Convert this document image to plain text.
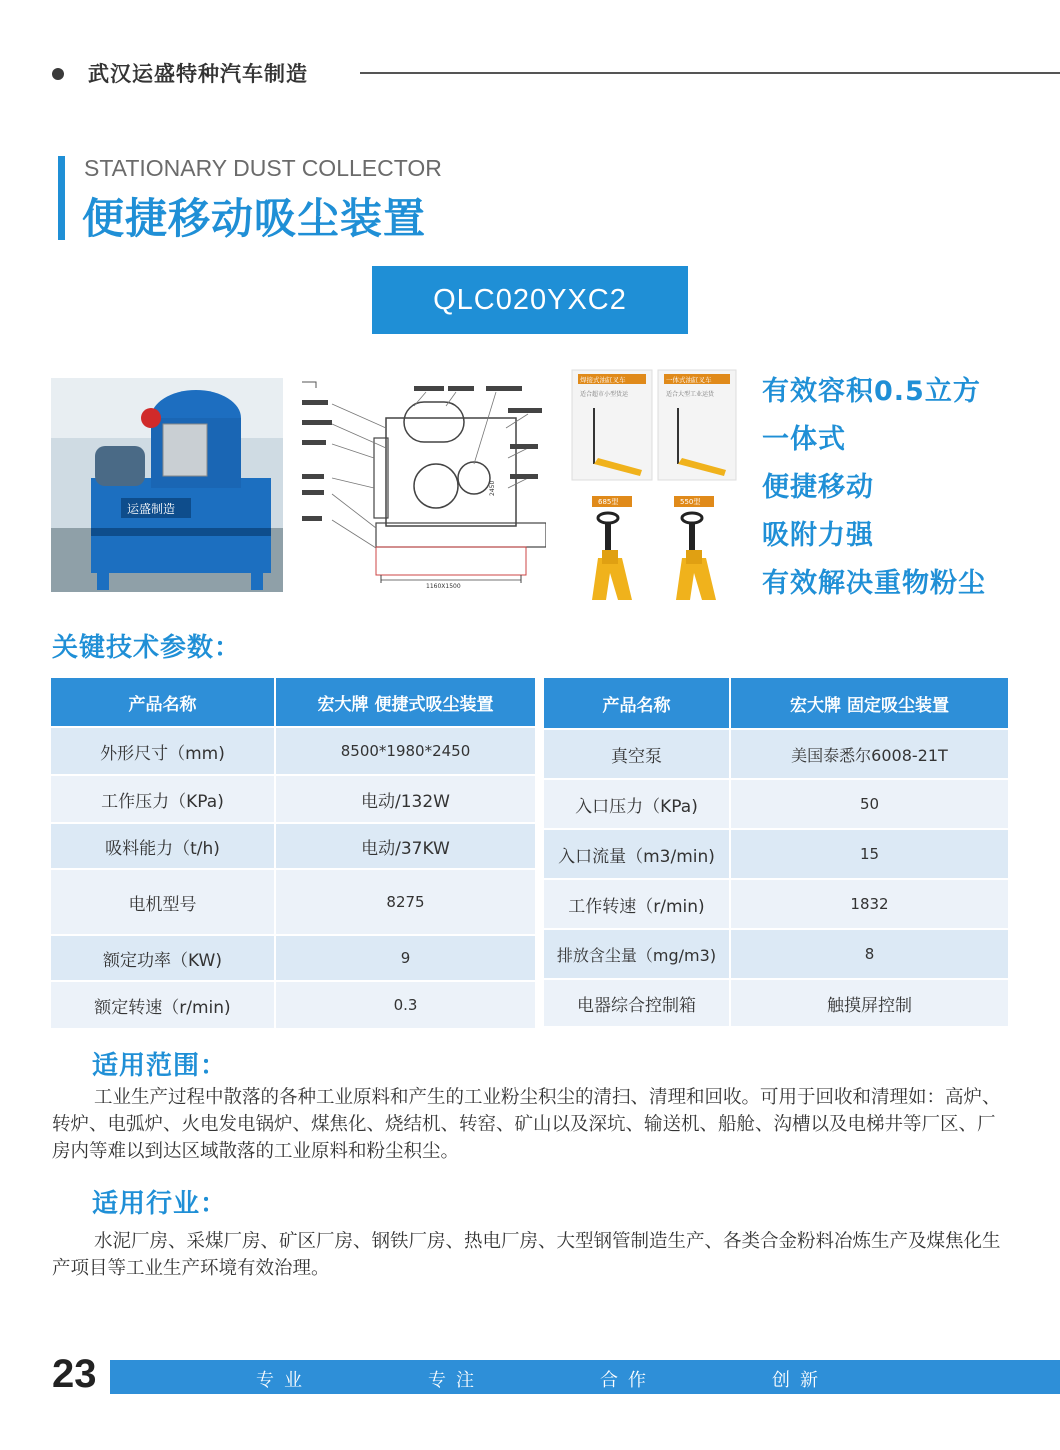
武汉运盛特种汽车制造
STATIONARY DUST COLLECTOR
便捷移动吸尘装置
QLC020YXC2
运盛制造
1160X1500
2450
焊接式油缸叉车	一体式油缸叉车
适合超市小型货运	适合大型工业运货
685型	550型
有效容积0.5立方
一体式
便捷移动
吸附力强
有效解决重物粉尘
关键技术参数：
产品名称	宏大牌 便捷式吸尘装置
外形尺寸（mm)	8500*1980*2450
工作压力（KPa)	电动/132W
吸料能力（t/h)	电动/37KW
电机型号	8275
额定功率（KW)	9
额定转速（r/min)	0.3
产品名称	宏大牌 固定吸尘装置
真空泵	美国泰悉尔6008-21T
入口压力（KPa)	50
入口流量（m3/min)	15
工作转速（r/min)	1832
排放含尘量（mg/m3)	8
电器综合控制箱	触摸屏控制
适用范围：
工业生产过程中散落的各种工业原料和产生的工业粉尘积尘的清扫、清理和回收。可用于回收和清理如：高炉、转炉、电弧炉、火电发电锅炉、煤焦化、烧结机、转窑、矿山以及深坑、输送机、船舱、沟槽以及电梯井等厂区、厂房内等难以到达区域散落的工业原料和粉尘积尘。
适用行业：
水泥厂房、采煤厂房、矿区厂房、钢铁厂房、热电厂房、大型钢管制造生产、各类合金粉料冶炼生产及煤焦化生产项目等工业生产环境有效治理。
23	专业	专注	合作	创新
